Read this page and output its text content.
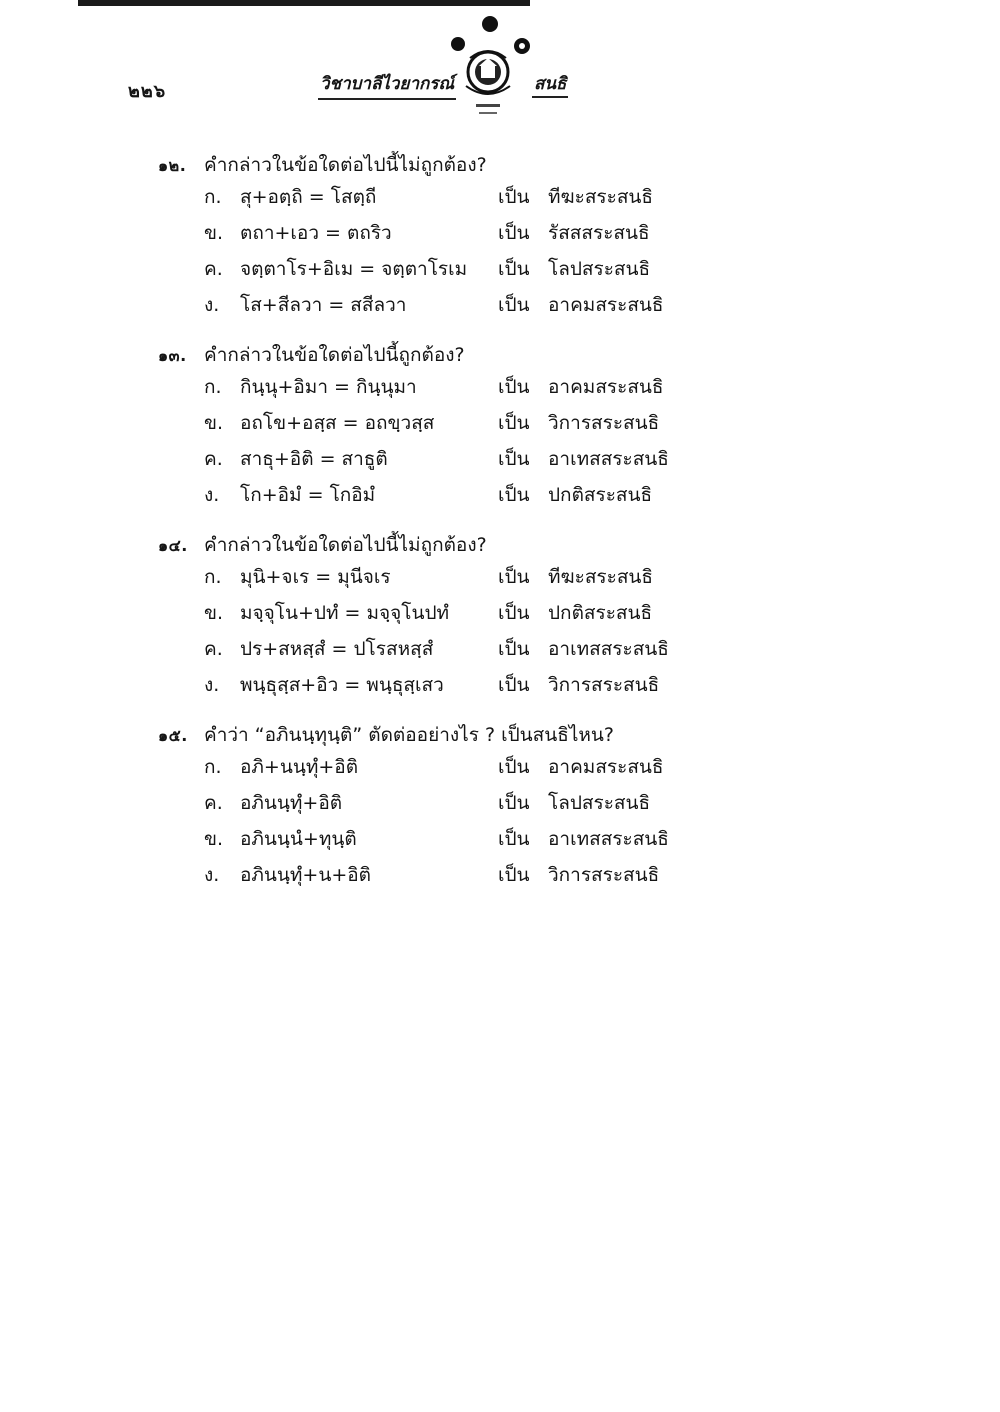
๒๒๖	วิชาบาลีไวยากรณ์	สนธิ
๑๒. คำกล่าวในข้อใดต่อไปนี้ไม่ถูกต้อง?
ก. สุ+อตฺถิ = โสตฺถี	เป็น ทีฆะสระสนธิ
ข. ตถา+เอว = ตถริว	เป็น รัสสสระสนธิ
ค. จตฺตาโร+อิเม = จตฺตาโรเม	เป็น โลปสระสนธิ
ง.	โส+สีลวา = สสีลวา	เป็น อาคมสระสนธิ
๑๓. คำกล่าวในข้อใดต่อไปนี้ถูกต้อง?
ก. กินฺนุ+อิมา = กินฺนุมา	เป็น อาคมสระสนธิ
ข. อถโข+อสฺส = อถขฺวสฺส	เป็น วิการสระสนธิ
ค. สาธุ+อิติ = สาธูติ	เป็น อาเทสสระสนธิ
ง.	โก+อิมํ = โกอิมํ	เป็น ปกติสระสนธิ
๑๔. คำกล่าวในข้อใดต่อไปนี้ไม่ถูกต้อง?
ก. มุนิ+จเร = มุนีจเร	เป็น ทีฆะสระสนธิ
ข. มจฺจุโน+ปทํ = มจฺจุโนปทํ	เป็น ปกติสระสนธิ
ค. ปร+สหสฺสํ = ปโรสหสฺสํ	เป็น อาเทสสระสนธิ
ง.	พนฺธุสฺส+อิว = พนฺธุสฺเสว	เป็น วิการสระสนธิ
๑๕. คำว่า “อภินนฺทุนฺติ” ตัดต่ออย่างไร ? เป็นสนธิไหน?
ก. อภิ+นนฺทุํ+อิติ	เป็น อาคมสระสนธิ
ค. อภินนฺทุํ+อิติ	เป็น โลปสระสนธิ
ข. อภินนฺนํ+ทุนฺติ	เป็น อาเทสสระสนธิ
ง.	อภินนฺทุํ+น+อิติ	เป็น วิการสระสนธิ
